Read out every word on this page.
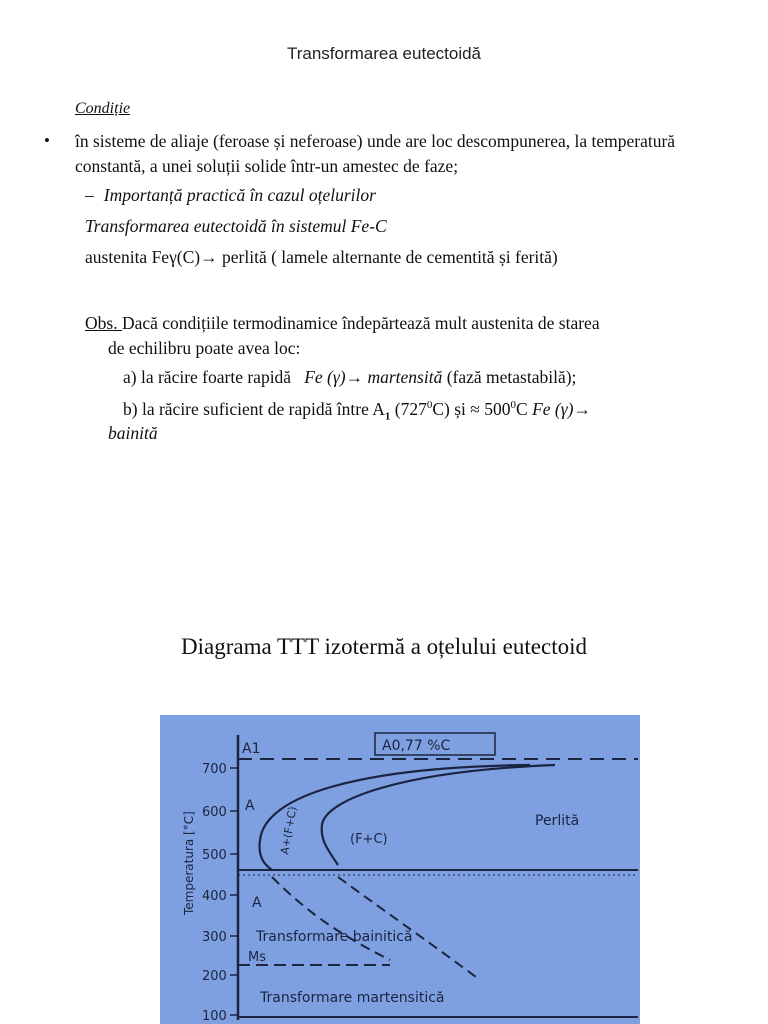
Transformarea eutectoidă
Condiție
• în sisteme de aliaje (feroase și neferoase) unde are loc descompunerea, la temperatură constantă, a unei soluții solide într-un amestec de faze;
– Importanță practică în cazul oțelurilor
Transformarea eutectoidă în sistemul Fe-C
austenita Feγ(C)→ perlită ( lamele alternante de cementită și ferită)
Obs. Dacă condițiile termodinamice îndepărtează mult austenita de starea
de echilibru poate avea loc:
a) la răcire foarte rapidă Fe (γ)→ martensită (fază metastabilă);
b) la răcire suficient de rapidă între $A_1$ $(727^0C)$ și ≈ $500^0C$ Fe (γ)→
bainită
Diagrama TTT izotermă a oțelului eutectoid
700
600
500
400
300
200
100
Temperatura [°C]
A1	A0,77 %C
Ms
A
A
A+(F+C)	(F+C)
Perlită
Transformare bainitică
Transformare martensitică
